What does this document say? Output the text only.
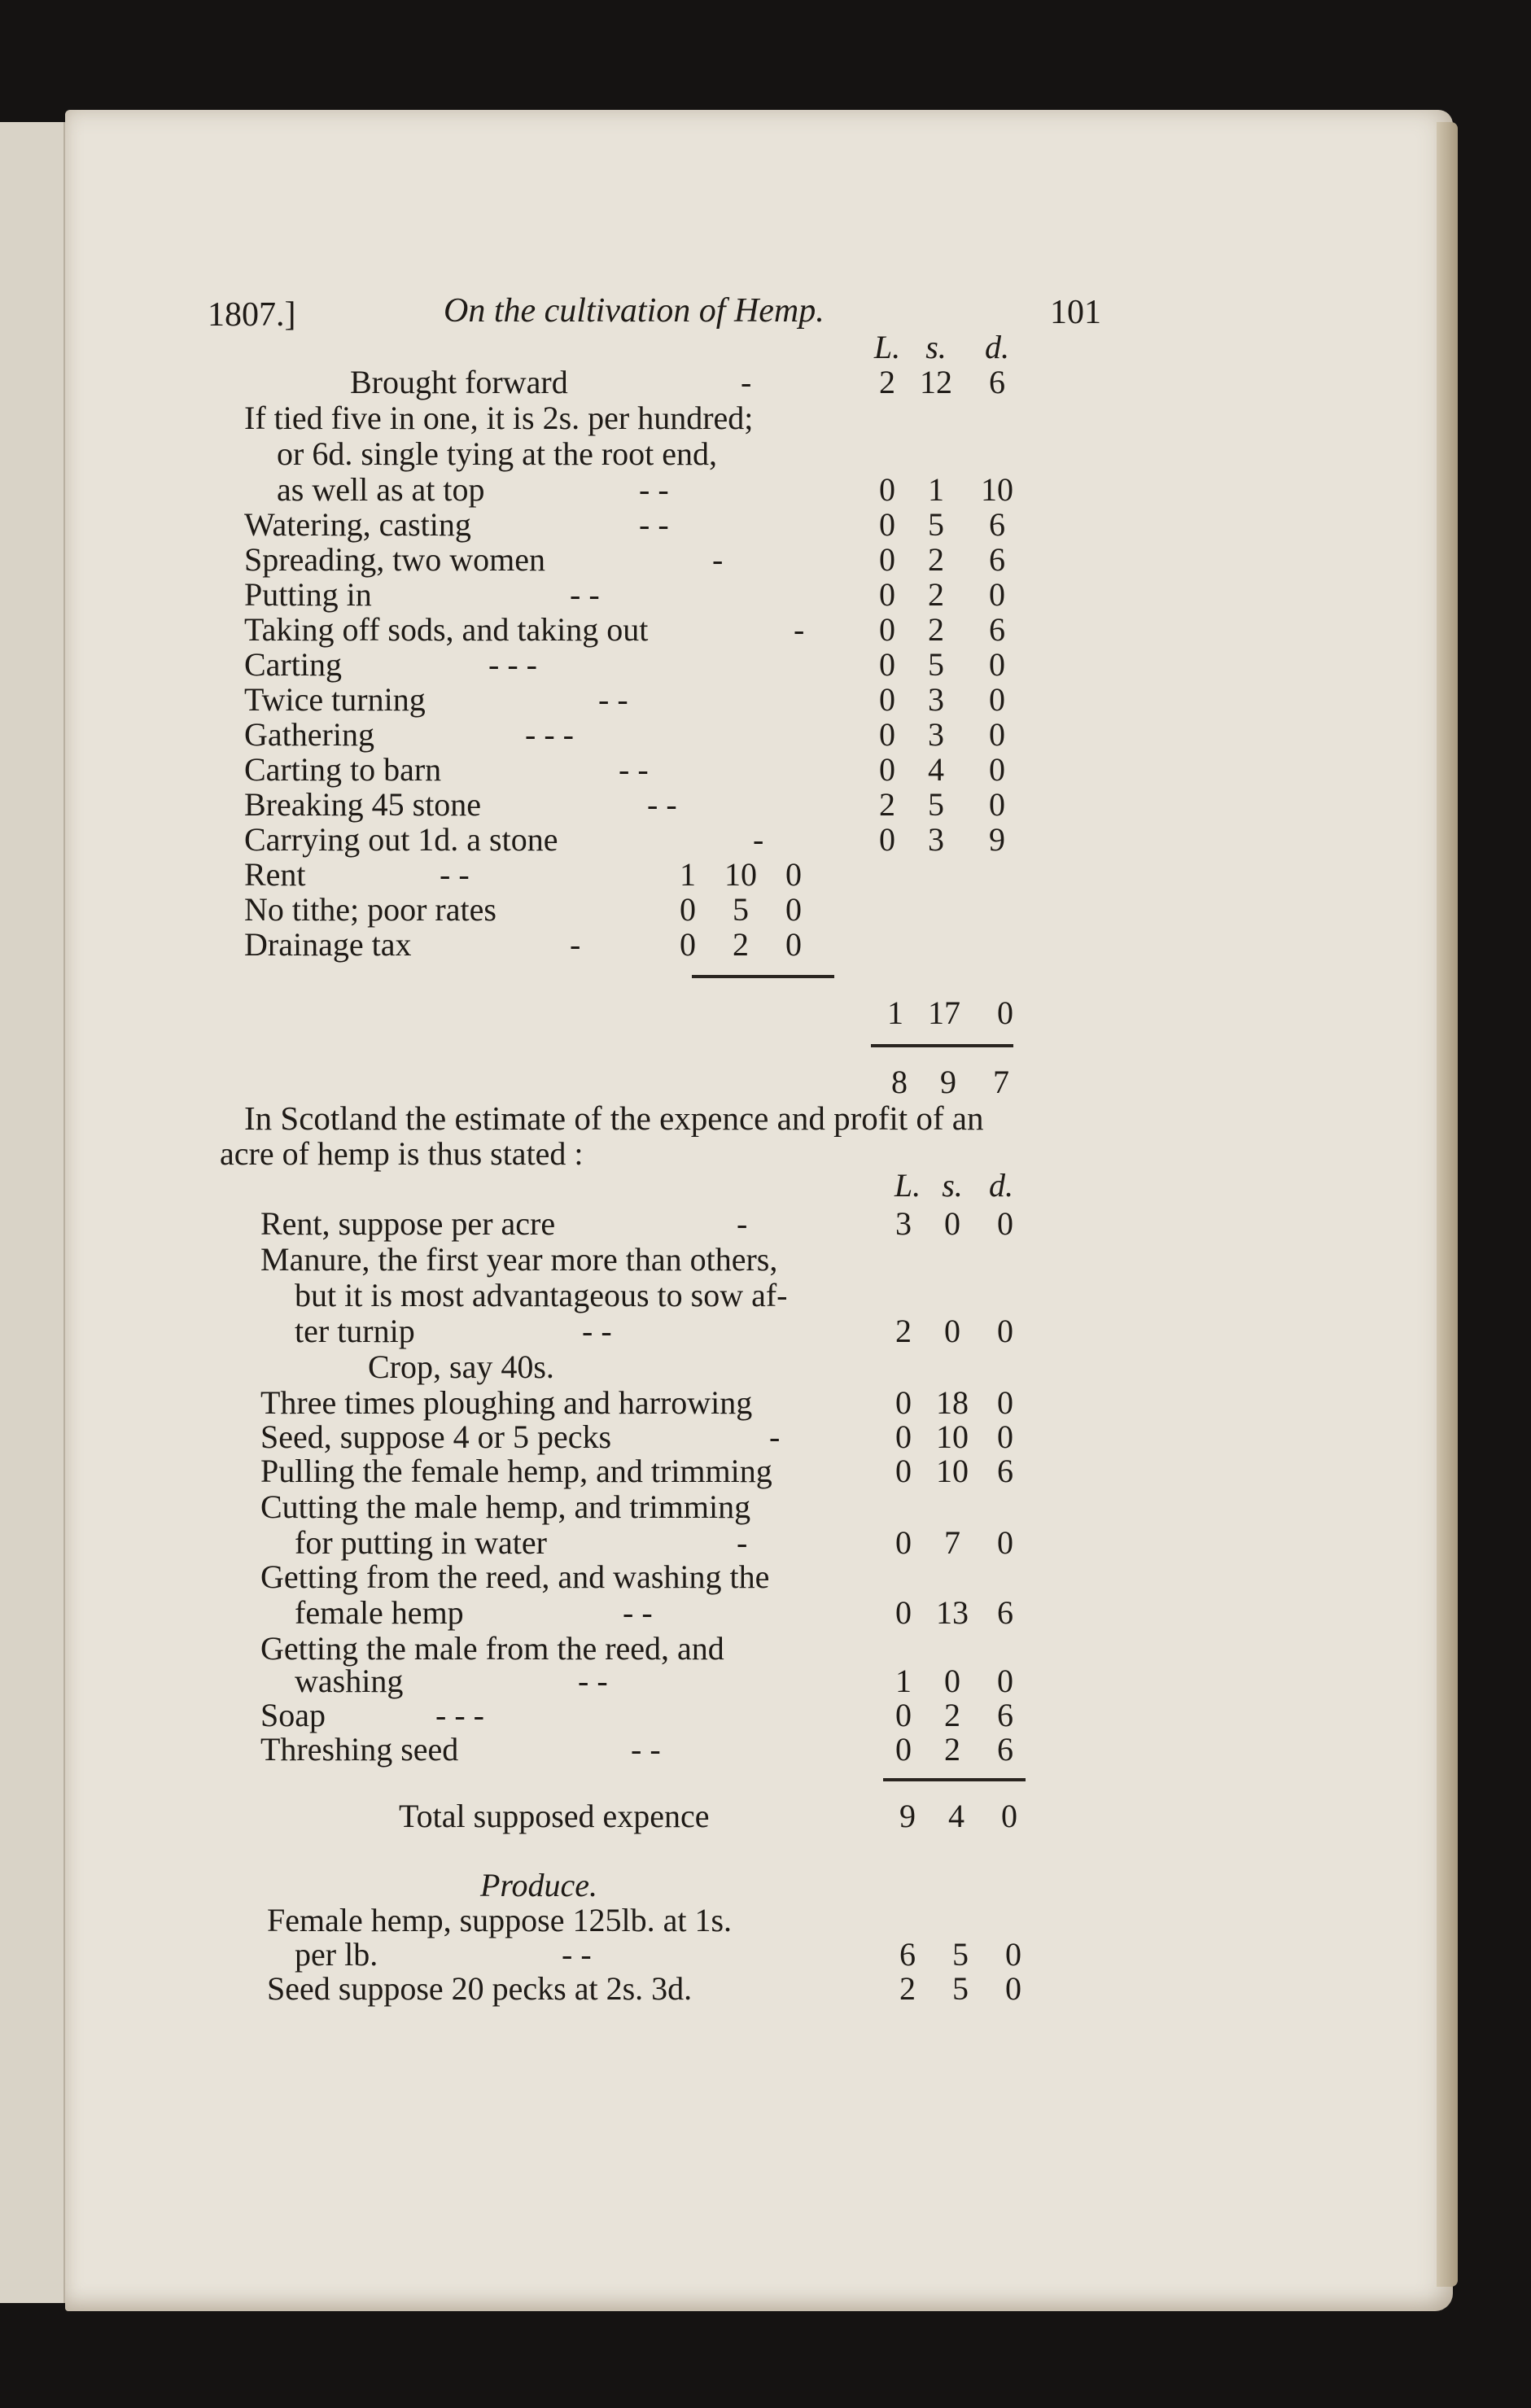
1807.]	On the cultivation of Hemp.	101
L. s.	d.
Brought forward	-	2 12	6
If tied five in one, it is 2s. per hundred;
or 6d. single tying at the root end,
as well as at top	- -	0	1	10
Watering, casting	- -	0	5	6
Spreading, two women	-	0	2	6
Putting in	- -	0	2	0
Taking off sods, and taking out	-	0	2	6
Carting	- - -	0	5	0
Twice turning	- -	0	3	0
Gathering	- - -	0	3	0
Carting to barn	- -	0	4	0
Breaking 45 stone	- -	2	5	0
Carrying out 1d. a stone	-	0	3	9
Rent	- -	1 10 0
No tithe; poor rates	0	5	0
Drainage tax	-	0	2	0
1 17	0
8	9	7
In Scotland the estimate of the expence and profit of an
acre of hemp is thus stated :
L. s. d.
Rent, suppose per acre	-	3	0	0
Manure, the first year more than others,
but it is most advantageous to sow af-
ter turnip	- -	2	0	0
Crop, say 40s.
Three times ploughing and harrowing	0 18 0
Seed, suppose 4 or 5 pecks	-	0 10 0
Pulling the female hemp, and trimming	0 10 6
Cutting the male hemp, and trimming
for putting in water	-	0	7	0
Getting from the reed, and washing the
female hemp	- -	0 13 6
Getting the male from the reed, and
washing	- -	1	0	0
Soap	- - -	0	2	6
Threshing seed	- -	0	2	6
Total supposed expence	9	4	0
Produce.
Female hemp, suppose 125lb. at 1s.
per lb.	- -	6	5	0
Seed suppose 20 pecks at 2s. 3d.	2	5	0
